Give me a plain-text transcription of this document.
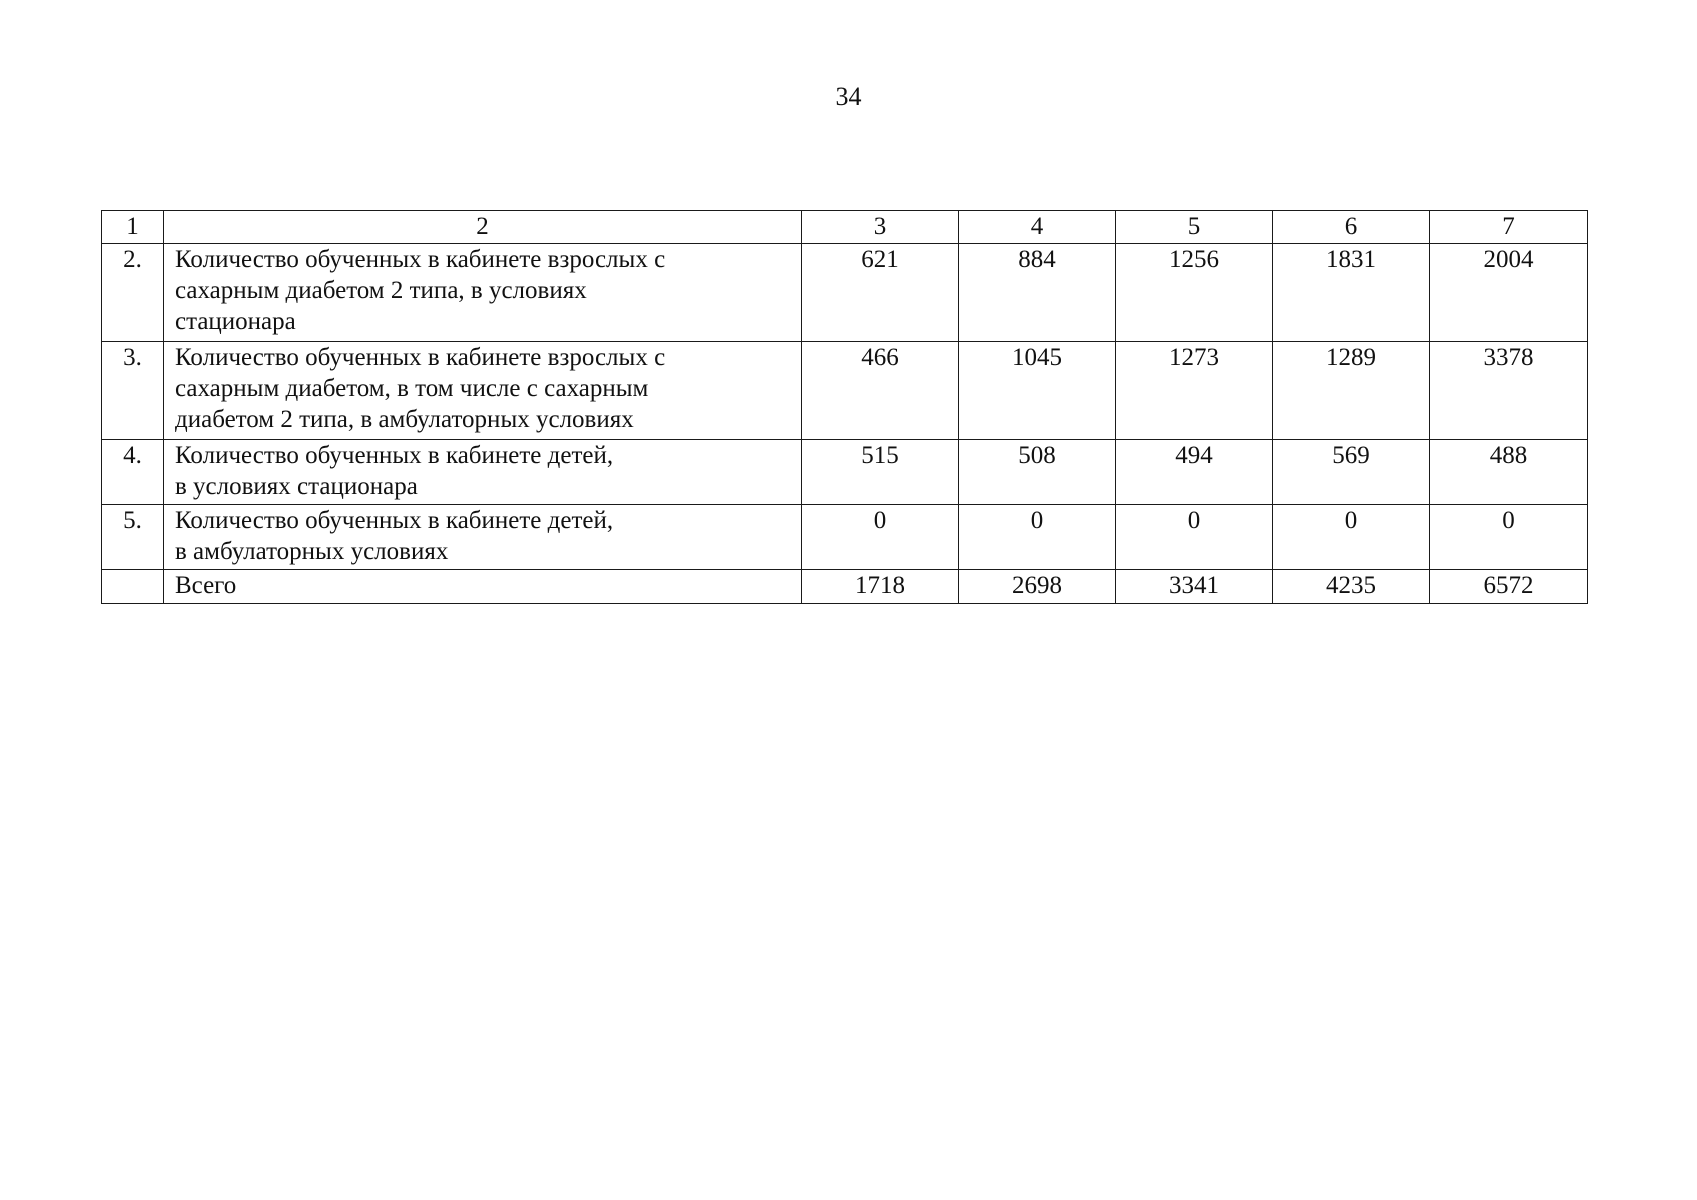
34
1	2	3	4	5	6	7
2.	Количество обученных в кабинете взрослых с
сахарным диабетом 2 типа, в условиях
стационара	621	884	1256	1831	2004
3.	Количество обученных в кабинете взрослых с
сахарным диабетом, в том числе с сахарным
диабетом 2 типа, в амбулаторных условиях	466	1045	1273	1289	3378
4.	Количество обученных в кабинете детей,
в условиях стационара	515	508	494	569	488
5.	Количество обученных в кабинете детей,
в амбулаторных условиях	0	0	0	0	0
	Всего	1718	2698	3341	4235	6572
